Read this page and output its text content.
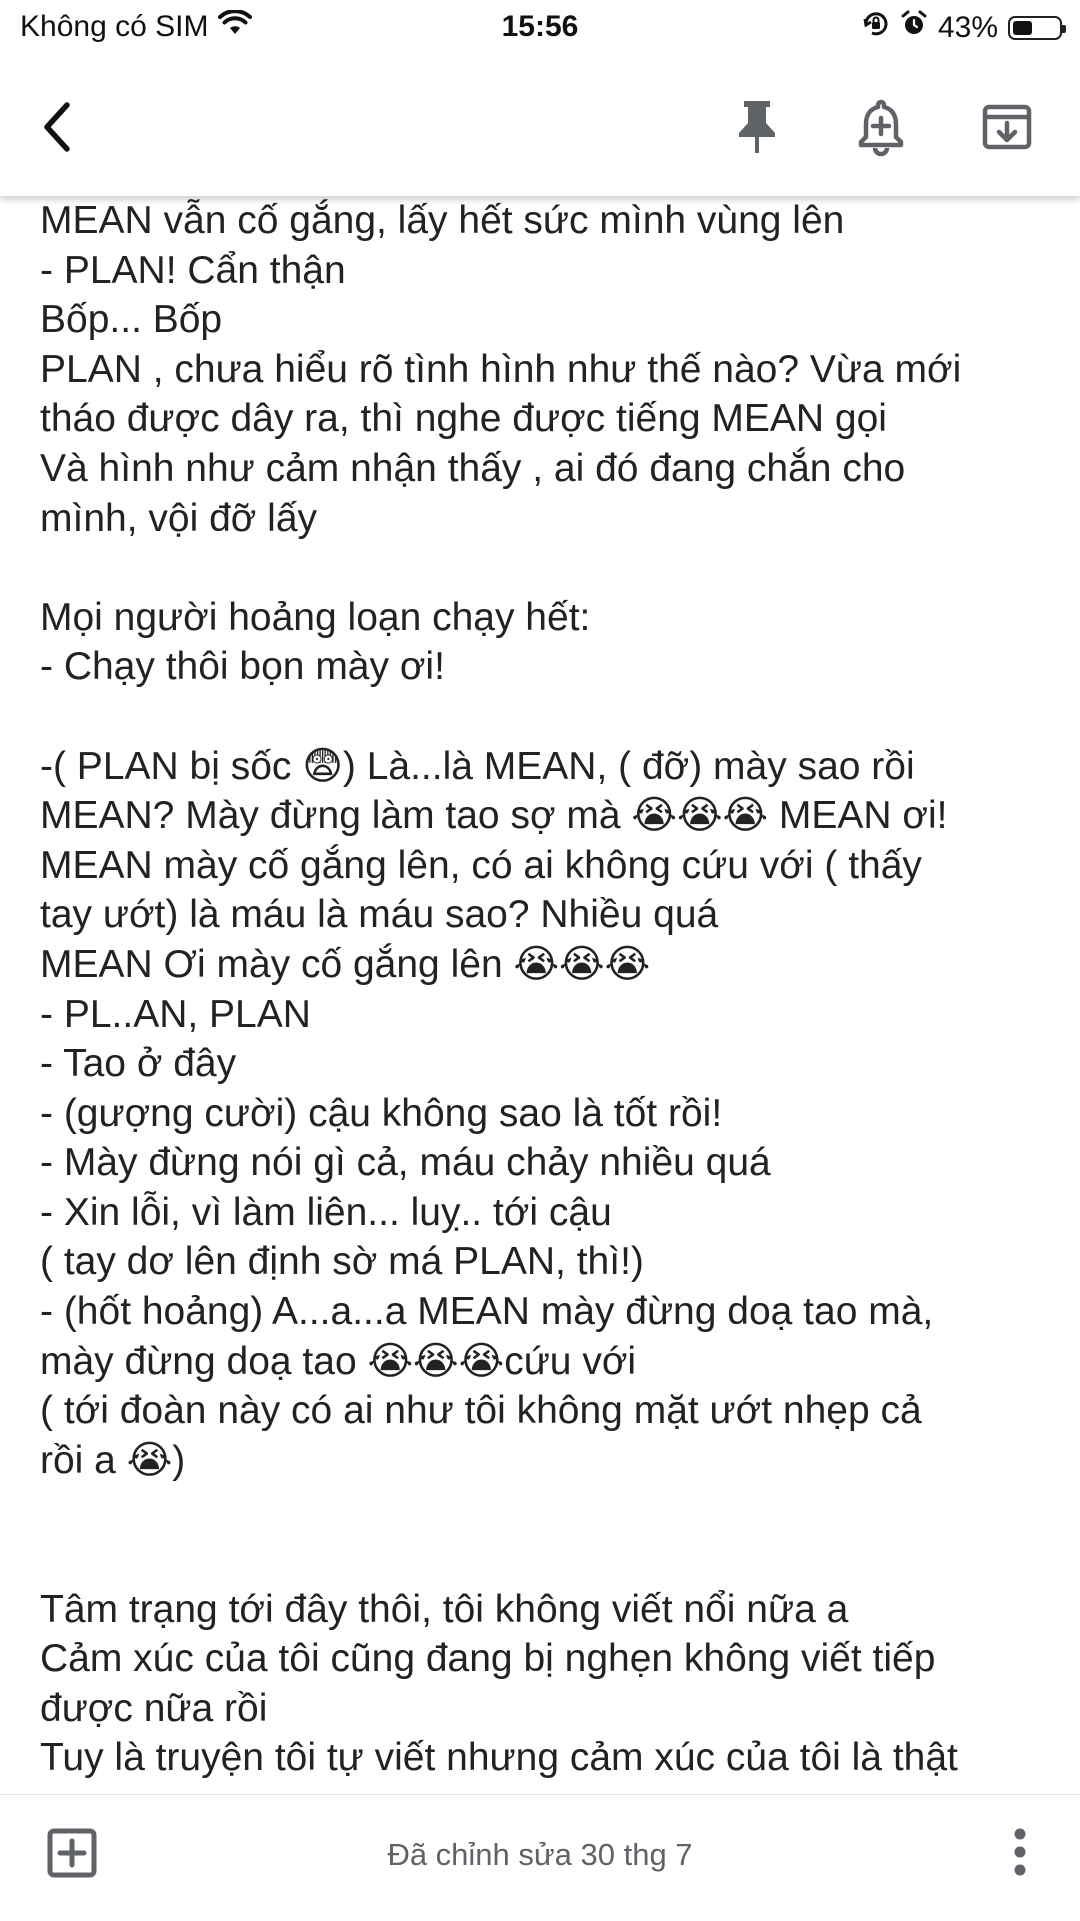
Không có SIM	15:56	43%
MEAN vẫn cố gắng, lấy hết sức mình vùng lên
- PLAN! Cẩn thận
Bốp... Bốp
PLAN , chưa hiểu rõ tình hình như thế nào? Vừa mới
tháo được dây ra, thì nghe được tiếng MEAN gọi
Và hình như cảm nhận thấy , ai đó đang chắn cho
mình, vội đỡ lấy
Mọi người hoảng loạn chạy hết:
- Chạy thôi bọn mày ơi!
-( PLAN bị sốc 😨) Là...là MEAN, ( đỡ) mày sao rồi
MEAN? Mày đừng làm tao sợ mà 😭😭😭 MEAN ơi!
MEAN mày cố gắng lên, có ai không cứu với ( thấy
tay ướt) là máu là máu sao? Nhiều quá
MEAN Ơi mày cố gắng lên 😭😭😭
- PL..AN, PLAN
- Tao ở đây
- (gượng cười) cậu không sao là tốt rồi!
- Mày đừng nói gì cả, máu chảy nhiều quá
- Xin lỗi, vì làm liên... luỵ.. tới cậu
( tay dơ lên định sờ má PLAN, thì!)
- (hốt hoảng) A...a...a MEAN mày đừng doạ tao mà,
mày đừng doạ tao 😭😭😭cứu với
( tới đoàn này có ai như tôi không mặt ướt nhẹp cả
rồi a 😭)
Tâm trạng tới đây thôi, tôi không viết nổi nữa a
Cảm xúc của tôi cũng đang bị nghẹn không viết tiếp
được nữa rồi
Tuy là truyện tôi tự viết nhưng cảm xúc của tôi là thật
Đã chỉnh sửa 30 thg 7
